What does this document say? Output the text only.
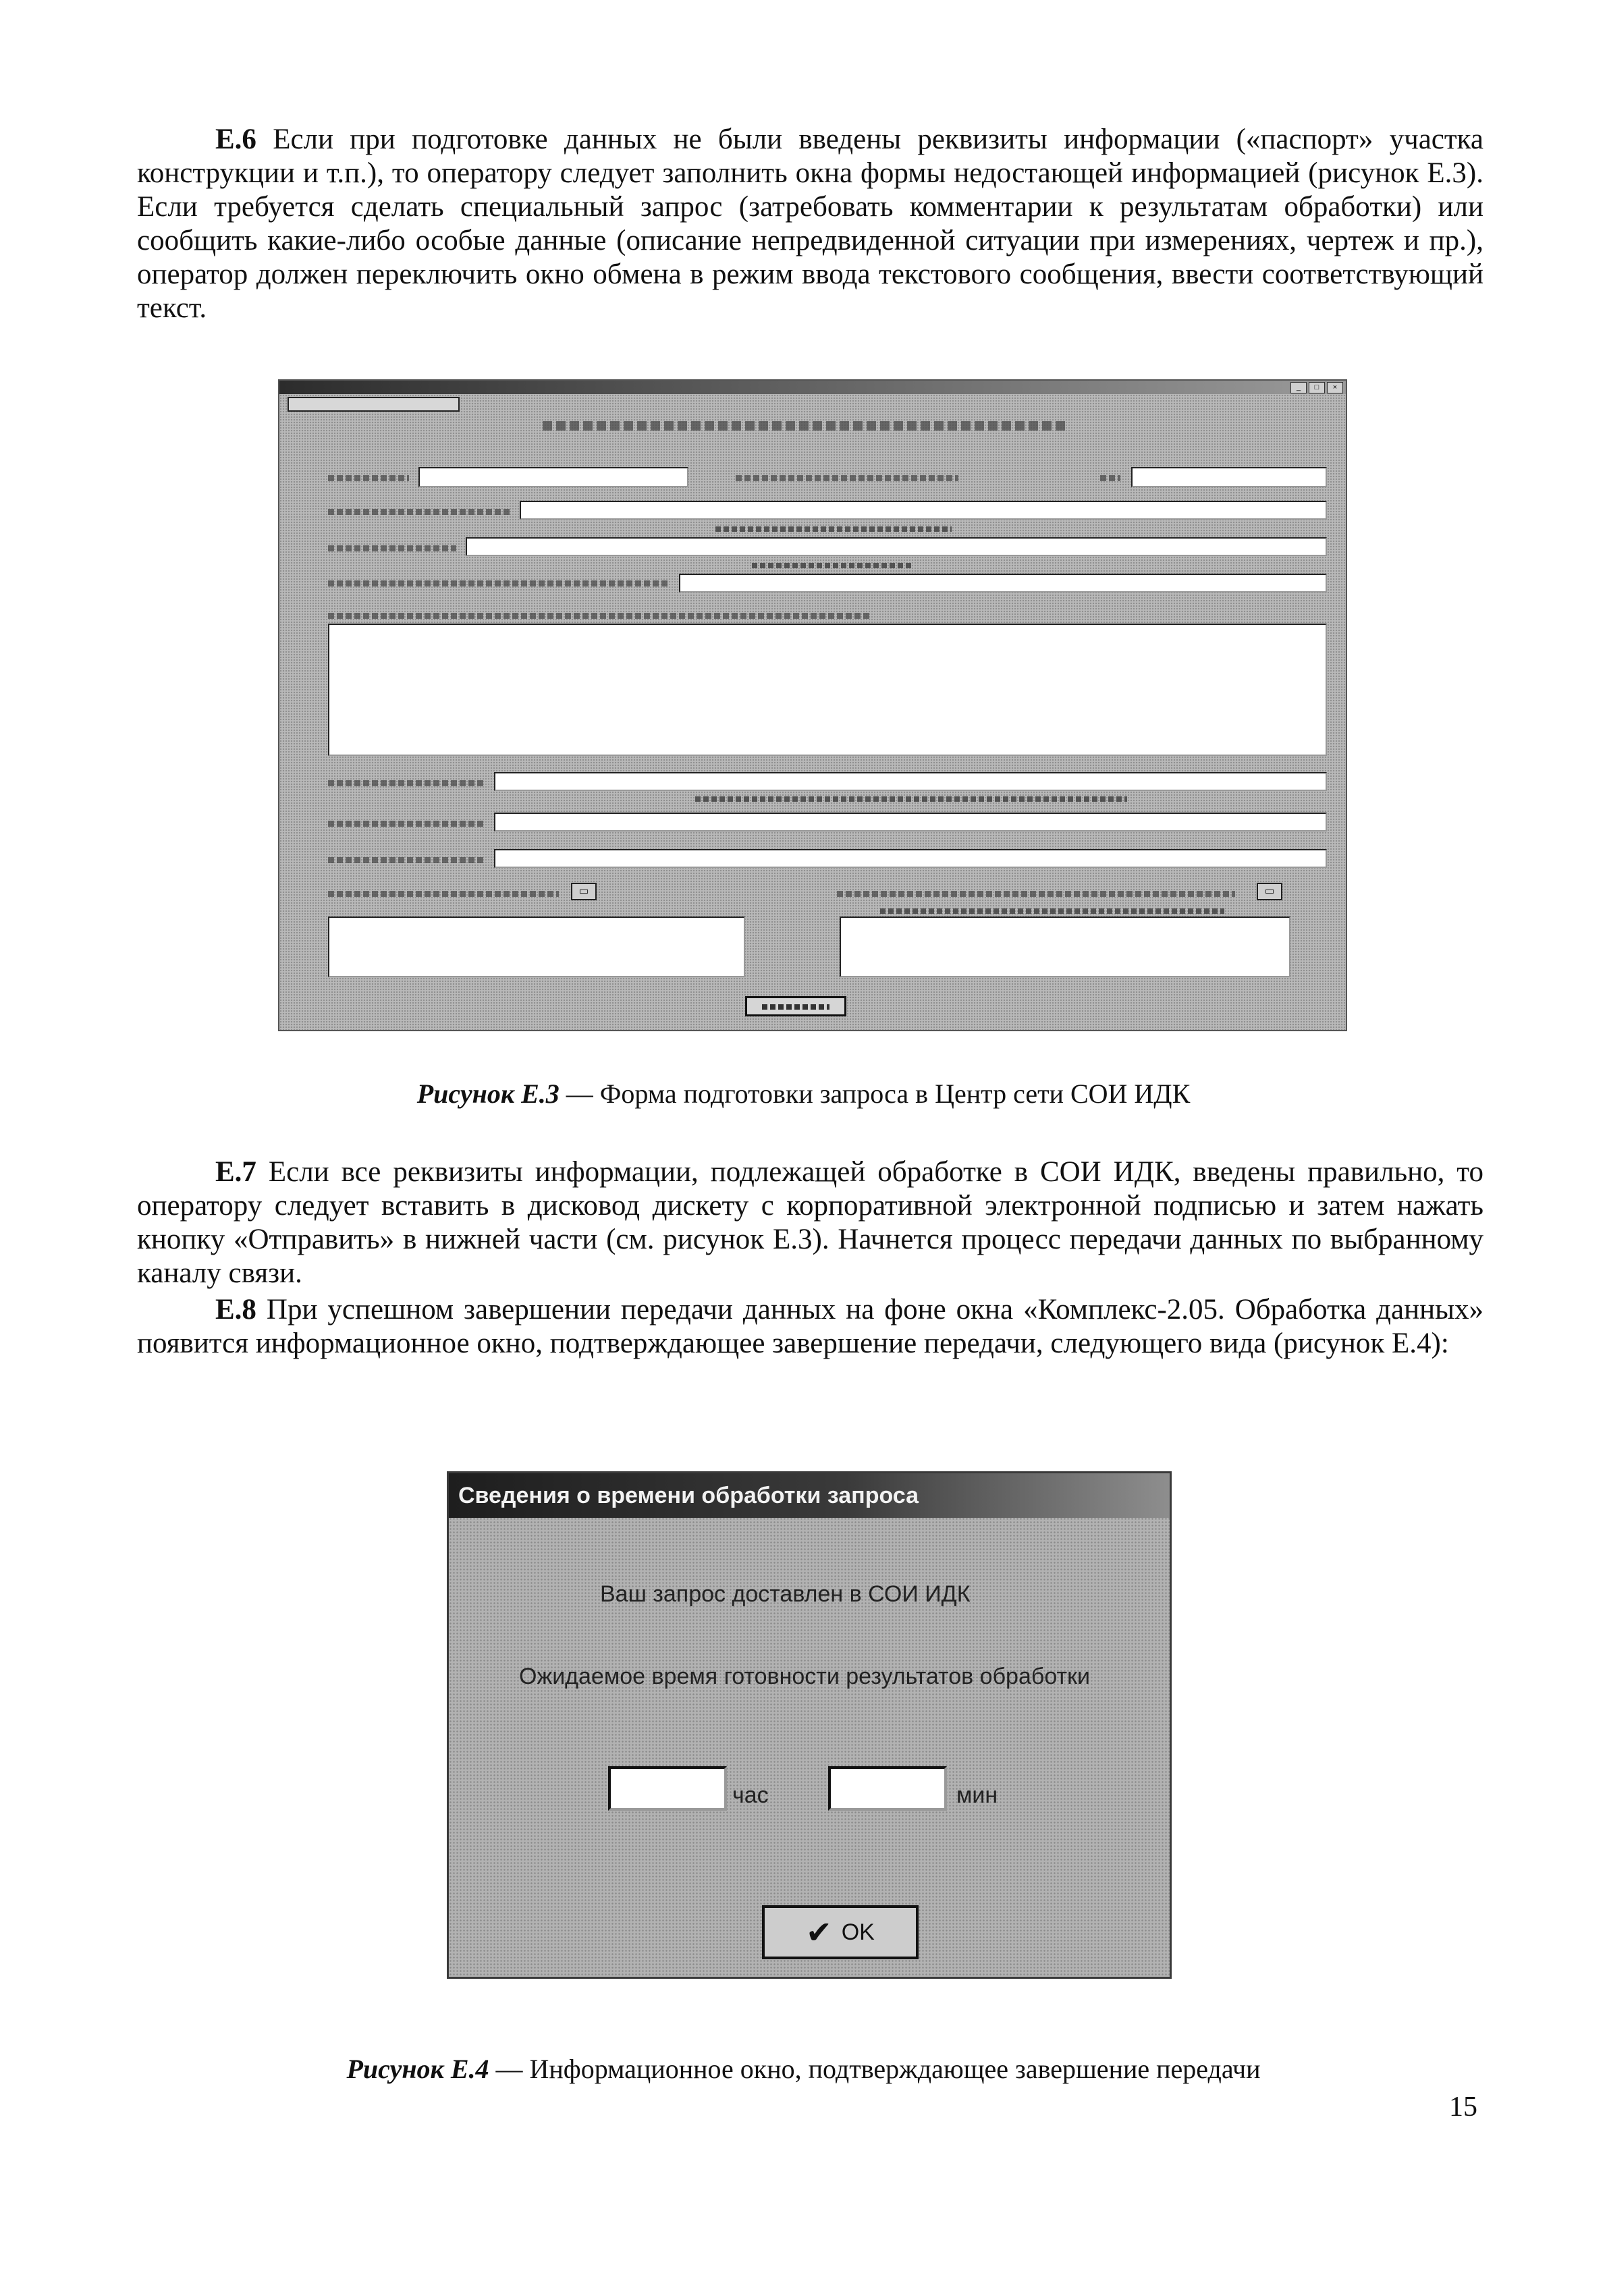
Е.6 Если при подготовке данных не были введены реквизиты информации («паспорт» участка конструкции и т.п.), то оператору следует заполнить окна формы недостающей информацией (рисунок Е.3). Если требуется сделать специальный запрос (затребовать комментарии к результатам обработки) или сообщить какие-либо особые данные (описание непредвиденной ситуации при измерениях, чертеж и пр.), оператор должен переключить окно обмена в режим ввода текстового сообщения, ввести соответствующий текст.

_	□	×
▭	▭
Рисунок Е.3 — Форма подготовки запроса в Центр сети СОИ ИДК

Е.7 Если все реквизиты информации, подлежащей обработке в СОИ ИДК, введены правильно, то оператору следует вставить в дисковод дискету с корпоративной электронной подписью и затем нажать кнопку «Отправить» в нижней части (см. рисунок Е.3). Начнется процесс передачи данных по выбранному каналу связи.

Е.8 При успешном завершении передачи данных на фоне окна «Комплекс-2.05. Обработка данных» появится информационное окно, подтверждающее завершение передачи, следующего вида (рисунок Е.4):

Сведения о времени обработки запроса
Ваш запрос доставлен в СОИ ИДК
Ожидаемое время готовности результатов обработки
час	мин
✔ OK
Рисунок Е.4 — Информационное окно, подтверждающее завершение передачи
15
